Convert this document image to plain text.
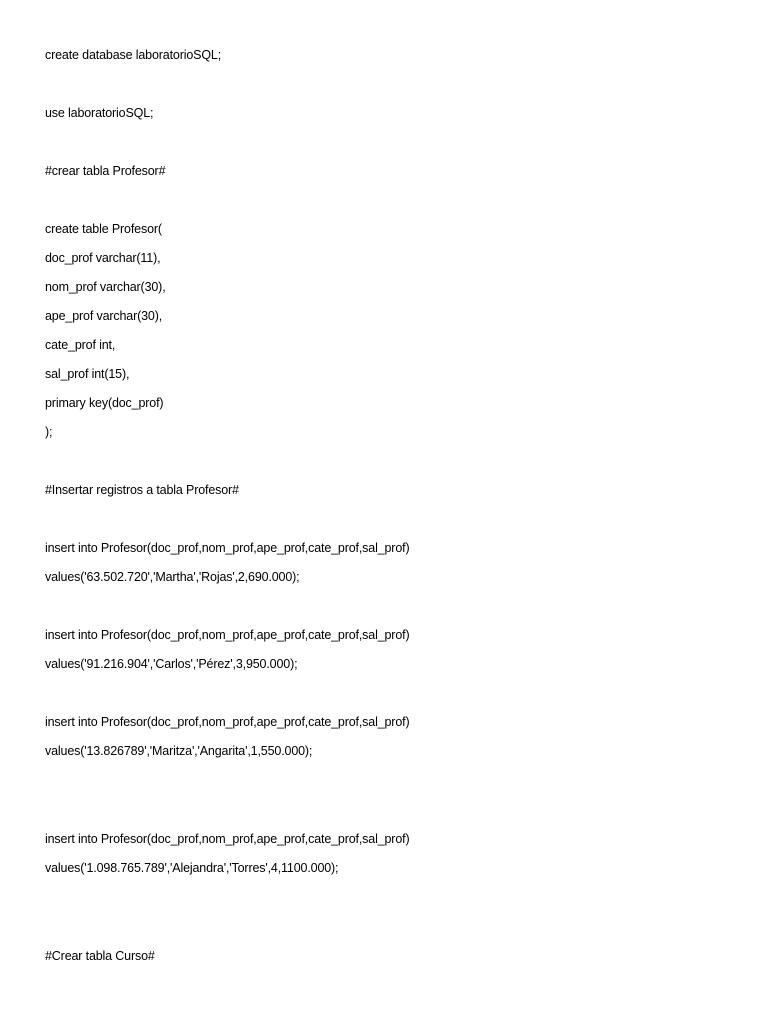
create database laboratorioSQL;

use laboratorioSQL;

#crear tabla Profesor#

create table Profesor(

doc_prof varchar(11),

nom_prof varchar(30),

ape_prof varchar(30),

cate_prof int,

sal_prof int(15),

primary key(doc_prof)

);

#Insertar registros a tabla Profesor#

insert into Profesor(doc_prof,nom_prof,ape_prof,cate_prof,sal_prof)

values('63.502.720','Martha','Rojas',2,690.000);

insert into Profesor(doc_prof,nom_prof,ape_prof,cate_prof,sal_prof)

values('91.216.904','Carlos','Pérez',3,950.000);

insert into Profesor(doc_prof,nom_prof,ape_prof,cate_prof,sal_prof)

values('13.826789','Maritza','Angarita',1,550.000);

insert into Profesor(doc_prof,nom_prof,ape_prof,cate_prof,sal_prof)

values('1.098.765.789','Alejandra','Torres',4,1100.000);

#Crear tabla Curso#
